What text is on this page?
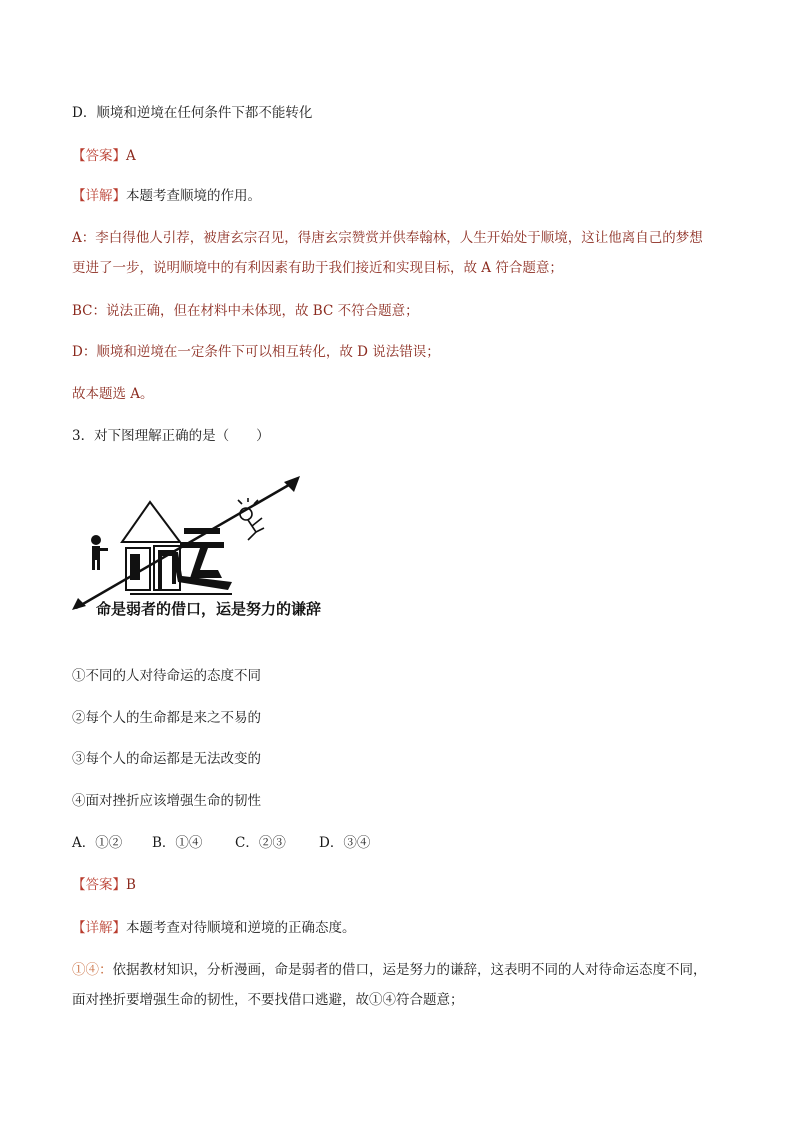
D．顺境和逆境在任何条件下都不能转化
【答案】A
【详解】本题考查顺境的作用。
A：李白得他人引荐，被唐玄宗召见，得唐玄宗赞赏并供奉翰林，人生开始处于顺境，这让他离自己的梦想
更进了一步，说明顺境中的有利因素有助于我们接近和实现目标，故 A 符合题意；
BC：说法正确，但在材料中未体现，故 BC 不符合题意；
D：顺境和逆境在一定条件下可以相互转化，故 D 说法错误；
故本题选 A。
3．对下图理解正确的是（　　）
命是弱者的借口，运是努力的谦辞
①不同的人对待命运的态度不同
②每个人的生命都是来之不易的
③每个人的命运都是无法改变的
④面对挫折应该增强生命的韧性
A．①② B．①④ C．②③ D．③④
【答案】B
【详解】本题考查对待顺境和逆境的正确态度。
①④：依据教材知识，分析漫画，命是弱者的借口，运是努力的谦辞，这表明不同的人对待命运态度不同，
面对挫折要增强生命的韧性，不要找借口逃避，故①④符合题意；
